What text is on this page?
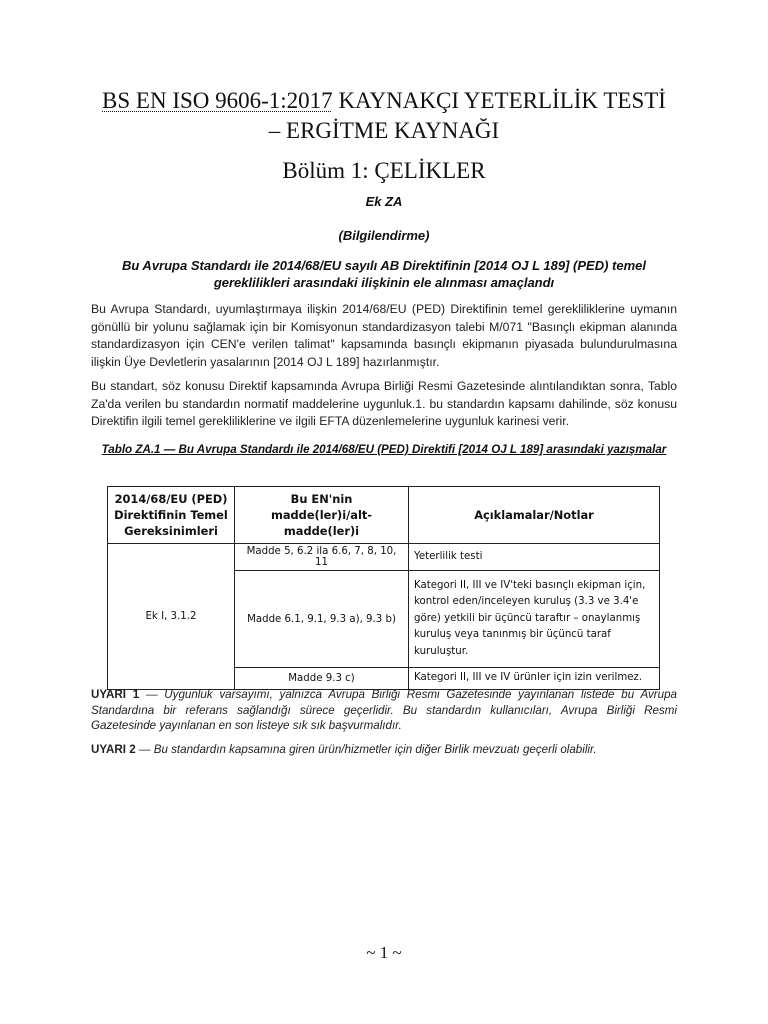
BS EN ISO 9606-1:2017 KAYNAKÇI YETERLİLİK TESTİ
– ERGİTME KAYNAĞI
Bölüm 1: ÇELİKLER
Ek ZA
(Bilgilendirme)
Bu Avrupa Standardı ile 2014/68/EU sayılı AB Direktifinin [2014 OJ L 189] (PED) temel gereklilikleri arasındaki ilişkinin ele alınması amaçlandı
Bu Avrupa Standardı, uyumlaştırmaya ilişkin 2014/68/EU (PED) Direktifinin temel gerekliliklerine uymanın gönüllü bir yolunu sağlamak için bir Komisyonun standardizasyon talebi M/071 "Basınçlı ekipman alanında standardizasyon için CEN'e verilen talimat" kapsamında basınçlı ekipmanın piyasada bulundurulmasına ilişkin Üye Devletlerin yasalarının [2014 OJ L 189] hazırlanmıştır.
Bu standart, söz konusu Direktif kapsamında Avrupa Birliği Resmi Gazetesinde alıntılandıktan sonra, Tablo Za'da verilen bu standardın normatif maddelerine uygunluk.1. bu standardın kapsamı dahilinde, söz konusu Direktifin ilgili temel gerekliliklerine ve ilgili EFTA düzenlemelerine uygunluk karinesi verir.
Tablo ZA.1 — Bu Avrupa Standardı ile 2014/68/EU (PED) Direktifi [2014 OJ L 189] arasındaki yazışmalar
2014/68/EU (PED) Direktifinin Temel Gereksinimleri	Bu EN'nin madde(ler)i/alt-madde(ler)i	Açıklamalar/Notlar
Ek I, 3.1.2	Madde 5, 6.2 ila 6.6, 7, 8, 10, 11	Yeterlilik testi
	Madde 6.1, 9.1, 9.3 a), 9.3 b)	Kategori II, III ve IV'teki basınçlı ekipman için, kontrol eden/inceleyen kuruluş (3.3 ve 3.4'e göre) yetkili bir üçüncü taraftır – onaylanmış kuruluş veya tanınmış bir üçüncü taraf kuruluştur.
	Madde 9.3 c)	Kategori II, III ve IV ürünler için izin verilmez.
UYARI 1 — Uygunluk varsayımı, yalnızca Avrupa Birliği Resmi Gazetesinde yayınlanan listede bu Avrupa Standardına bir referans sağlandığı sürece geçerlidir. Bu standardın kullanıcıları, Avrupa Birliği Resmi Gazetesinde yayınlanan en son listeye sık sık başvurmalıdır.
UYARI 2 — Bu standardın kapsamına giren ürün/hizmetler için diğer Birlik mevzuatı geçerli olabilir.
~ 1 ~
